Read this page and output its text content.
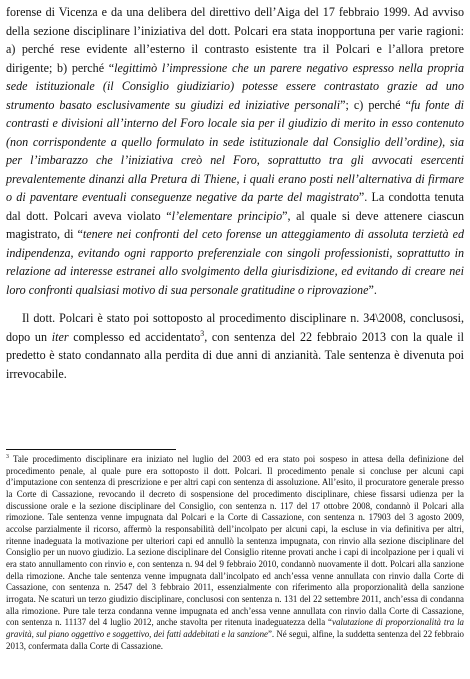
forense di Vicenza e da una delibera del direttivo dell’Aiga del 17 febbraio 1999. Ad avviso della sezione disciplinare l’iniziativa del dott. Polcari era stata inopportuna per varie ragioni: a) perché rese evidente all’esterno il contrasto esistente tra il Polcari e l’allora pretore dirigente; b) perché “legittimò l’impressione che un parere negativo espresso nella propria sede istituzionale (il Consiglio giudiziario) potesse essere contrastato grazie ad uno strumento basato esclusivamente su giudizi ed iniziative personali”; c) perché “fu fonte di contrasti e divisioni all’interno del Foro locale sia per il giudizio di merito in esso contenuto (non corrispondente a quello formulato in sede istituzionale dal Consiglio dell’ordine), sia per l’imbarazzo che l’iniziativa creò nel Foro, soprattutto tra gli avvocati esercenti prevalentemente dinanzi alla Pretura di Thiene, i quali erano posti nell’alternativa di firmare o di paventare eventuali conseguenze negative da parte del magistrato”. La condotta tenuta dal dott. Polcari aveva violato “l’elementare principio”, al quale si deve attenere ciascun magistrato, di “tenere nei confronti del ceto forense un atteggiamento di assoluta terzietà ed indipendenza, evitando ogni rapporto preferenziale con singoli professionisti, soprattutto in relazione ad interesse estranei allo svolgimento della giurisdizione, ed evitando di creare nei loro confronti qualsiasi motivo di sua personale gratitudine o riprovazione”.

Il dott. Polcari è stato poi sottoposto al procedimento disciplinare n. 34\2008, conclusosi, dopo un iter complesso ed accidentato$^3$, con sentenza del 22 febbraio 2013 con la quale il predetto è stato condannato alla perdita di due anni di anzianità. Tale sentenza è divenuta poi irrevocabile.

$^3$ Tale procedimento disciplinare era iniziato nel luglio del 2003 ed era stato poi sospeso in attesa della definizione del procedimento penale, al quale pure era sottoposto il dott. Polcari. Il procedimento penale si concluse per alcuni capi d’imputazione con sentenza di prescrizione e per altri capi con sentenza di assoluzione. All’esito, il procuratore generale presso la Corte di Cassazione, revocando il decreto di sospensione del procedimento disciplinare, chiese fissarsi udienza per la discussione orale e la sezione disciplinare del Consiglio, con sentenza n. 117 del 17 ottobre 2008, condannò il Polcari alla rimozione. Tale sentenza venne impugnata dal Polcari e la Corte di Cassazione, con sentenza n. 17903 del 3 agosto 2009, accolse parzialmente il ricorso, affermò la responsabilità dell’incolpato per alcuni capi, la escluse in via definitiva per altri, ritenne inadeguata la motivazione per ulteriori capi ed annullò la sentenza impugnata, con rinvio alla sezione disciplinare del Consiglio per un nuovo giudizio. La sezione disciplinare del Consiglio ritenne provati anche i capi di incolpazione per i quali vi era stato annullamento con rinvio e, con sentenza n. 94 del 9 febbraio 2010, condannò nuovamente il dott. Polcari alla sanzione della rimozione. Anche tale sentenza venne impugnata dall’incolpato ed anch’essa venne annullata con rinvio dalla Corte di Cassazione, con sentenza n. 2547 del 3 febbraio 2011, essenzialmente con riferimento alla proporzionalità della sanzione irrogata. Ne scaturì un terzo giudizio disciplinare, conclusosi con sentenza n. 131 del 22 settembre 2011, anch’essa di condanna alla rimozione. Pure tale terza condanna venne impugnata ed anch’essa venne annullata con rinvio dalla Corte di Cassazione, con sentenza n. 11137 del 4 luglio 2012, anche stavolta per ritenuta inadeguatezza della “valutazione di proporzionalità tra la gravità, sul piano oggettivo e soggettivo, dei fatti addebitati e la sanzione”. Né seguì, alfine, la suddetta sentenza del 22 febbraio 2013, confermata dalla Corte di Cassazione.
